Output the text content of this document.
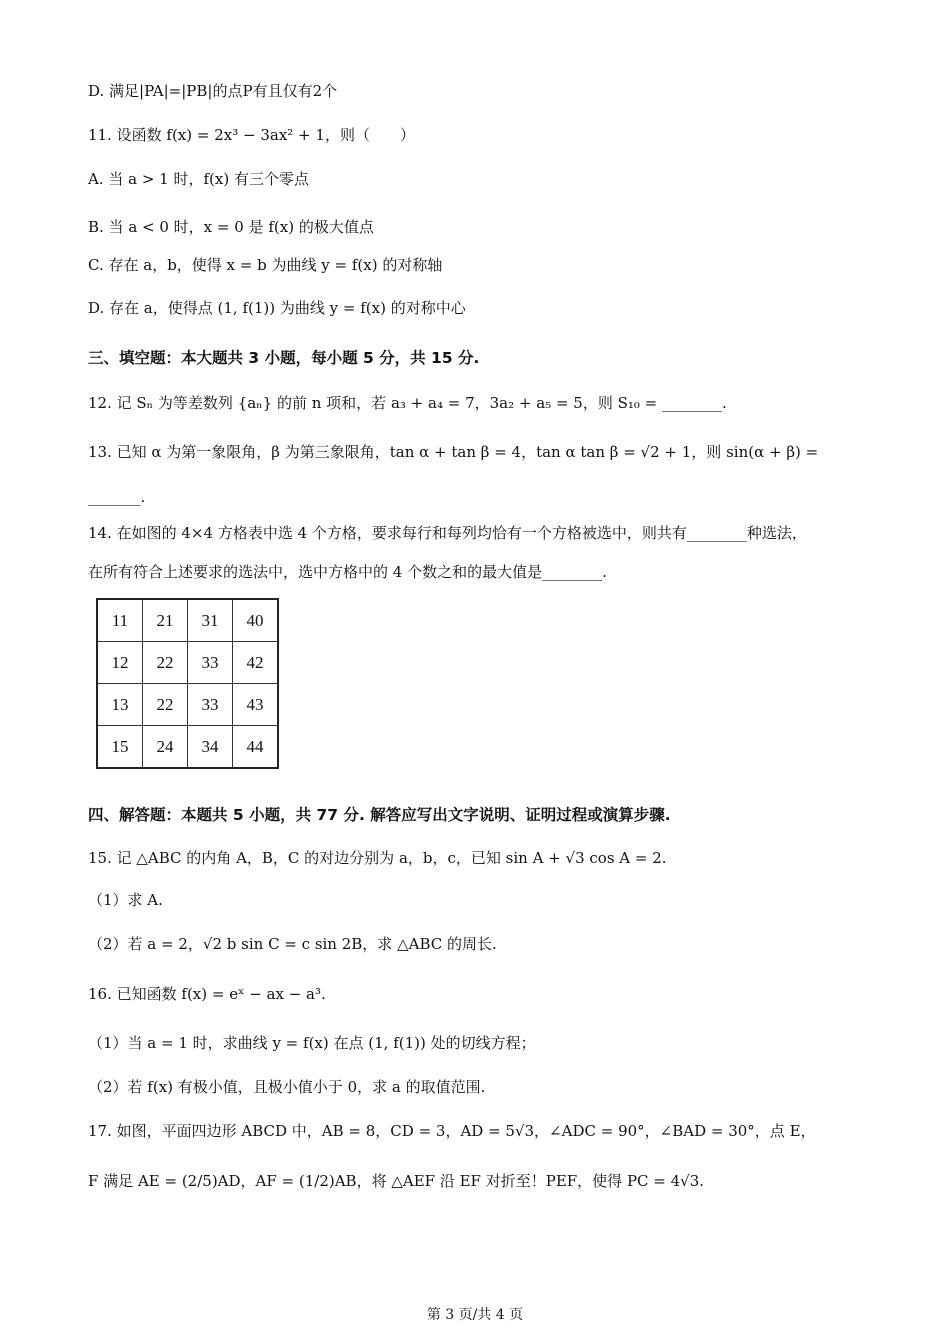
D. 满足|PA|=|PB|的点P有且仅有2个
11. 设函数 f(x) = 2x³ − 3ax² + 1，则（　　）
A. 当 a > 1 时，f(x) 有三个零点
B. 当 a < 0 时，x = 0 是 f(x) 的极大值点
C. 存在 a，b，使得 x = b 为曲线 y = f(x) 的对称轴
D. 存在 a，使得点 (1, f(1)) 为曲线 y = f(x) 的对称中心
三、填空题：本大题共 3 小题，每小题 5 分，共 15 分.
12. 记 Sₙ 为等差数列 {aₙ} 的前 n 项和，若 a₃ + a₄ = 7，3a₂ + a₅ = 5，则 S₁₀ = ________.
13. 已知 α 为第一象限角，β 为第三象限角，tan α + tan β = 4，tan α tan β = √2 + 1，则 sin(α + β) =
_______.
14. 在如图的 4×4 方格表中选 4 个方格，要求每行和每列均恰有一个方格被选中，则共有________种选法，
在所有符合上述要求的选法中，选中方格中的 4 个数之和的最大值是________.
11	21	31	40
12	22	33	42
13	22	33	43
15	24	34	44
四、解答题：本题共 5 小题，共 77 分. 解答应写出文字说明、证明过程或演算步骤.
15. 记 △ABC 的内角 A，B，C 的对边分别为 a，b，c，已知 sin A + √3 cos A = 2.
（1）求 A.
（2）若 a = 2，√2 b sin C = c sin 2B，求 △ABC 的周长.
16. 已知函数 f(x) = eˣ − ax − a³.
（1）当 a = 1 时，求曲线 y = f(x) 在点 (1, f(1)) 处的切线方程；
（2）若 f(x) 有极小值，且极小值小于 0，求 a 的取值范围.
17. 如图，平面四边形 ABCD 中，AB = 8，CD = 3，AD = 5√3，∠ADC = 90°，∠BAD = 30°，点 E，
F 满足 AE = (2/5)AD，AF = (1/2)AB，将 △AEF 沿 EF 对折至！PEF，使得 PC = 4√3.
第 3 页/共 4 页
